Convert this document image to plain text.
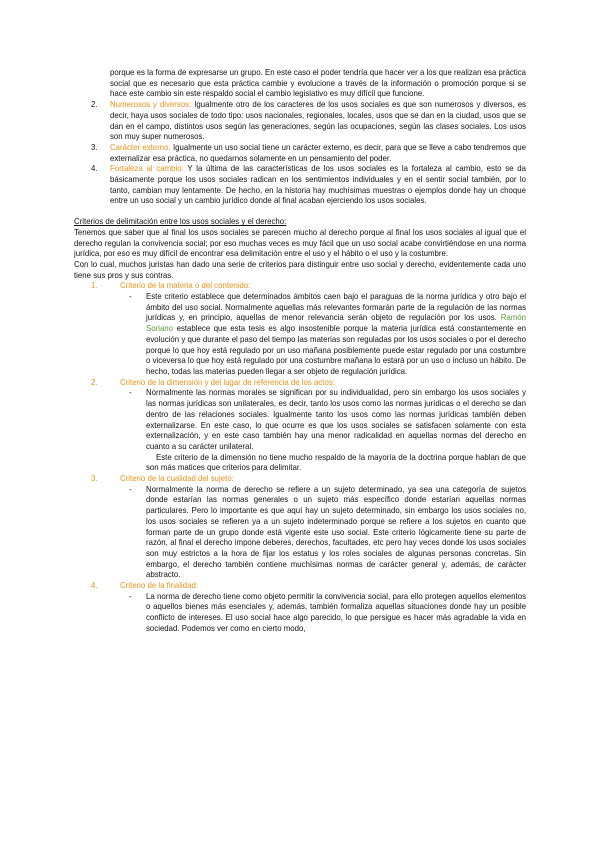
porque es la forma de expresarse un grupo. En este caso el poder tendría que hacer ver a los que realizan esa práctica social que es necesario que esta práctica cambie y evolucione a través de la información o promoción porque si se hace este cambio sin este respaldo social el cambio legislativo es muy difícil que funcione.

2. Numerosos y diversos: Igualmente otro de los caracteres de los usos sociales es que son numerosos y diversos, es decir, haya usos sociales de todo tipo: usos nacionales, regionales, locales, usos que se dan en la ciudad, usos que se dan en el campo, distintos usos según las generaciones, según las ocupaciones, según las clases sociales. Los usos son muy super numerosos.

3. Carácter externo: Igualmente un uso social tiene un carácter externo, es decir, para que se lleve a cabo tendremos que externalizar esa práctica, no quedarnos solamente en un pensamiento del poder.

4. Fortaleza al cambio: Y la última de las características de los usos sociales es la fortaleza al cambio, esto se da básicamente porque los usos sociales radican en los sentimientos individuales y en el sentir social también, por lo tanto, cambian muy lentamente. De hecho, en la historia hay muchísimas muestras o ejemplos donde hay un choque entre un uso social y un cambio jurídico donde al final acaban ejerciendo los usos sociales.

Criterios de delimitación entre los usos sociales y el derecho:

Tenemos que saber que al final los usos sociales se parecen mucho al derecho porque al final los usos sociales al igual que el derecho regulan la convivencia social; por eso muchas veces es muy fácil que un uso social acabe convirtiéndose en una norma jurídica, por eso es muy difícil de encontrar esa delimitación entre el uso y el hábito o el uso y la costumbre.

Con lo cual, muchos juristas han dado una serie de criterios para distinguir entre uso social y derecho, evidentemente cada uno tiene sus pros y sus contras.

1.	Criterio de la materia o del contenido:

- Este criterio establece que determinados ámbitos caen bajo el paraguas de la norma jurídica y otro bajo el ámbito del uso social. Normalmente aquellas más relevantes formarán parte de la regulación de las normas jurídicas y, en principio, aquellas de menor relevancia serán objeto de regulación por los usos. Ramón Soriano establece que esta tesis es algo insostenible porque la materia jurídica está constantemente en evolución y que durante el paso del tiempo las materias son reguladas por los usos sociales o por el derecho porque lo que hoy está regulado por un uso mañana posiblemente puede estar regulado por una costumbre o viceversa lo que hoy está regulado por una costumbre mañana lo estará por un uso o incluso un hábito. De hecho, todas las materias pueden llegar a ser objeto de regulación jurídica.

2.	Criterio de la dimensión y del lugar de referencia de los actos:

- Normalmente las normas morales se significan por su individualidad, pero sin embargo los usos sociales y las normas jurídicas son unilaterales, es decir, tanto los usos como las normas jurídicas o el derecho se dan dentro de las relaciones sociales. Igualmente tanto los usos como las normas jurídicas también deben externalizarse. En este caso, lo que ocurre es que los usos sociales se satisfacen solamente con esta externalización, y en este caso también hay una menor radicalidad en aquellas normas del derecho en cuanto a su carácter unilateral.

Este criterio de la dimensión no tiene mucho respaldo de la mayoría de la doctrina porque hablan de que son más matices que criterios para delimitar.

3.	Criterio de la cualidad del sujeto:

- Normalmente la norma de derecho se refiere a un sujeto determinado, ya sea una categoría de sujetos donde estarían las normas generales o un sujeto más específico donde estarían aquellas normas particulares. Pero lo importante es que aquí hay un sujeto determinado, sin embargo los usos sociales no, los usos sociales se refieren ya a un sujeto indeterminado porque se refiere a los sujetos en cuanto que forman parte de un grupo donde está vigente este uso social. Este criterio lógicamente tiene su parte de razón, al final el derecho impone deberes, derechos, facultades, etc pero hay veces donde los usos sociales son muy estrictos a la hora de fijar los estatus y los roles sociales de algunas personas concretas. Sin embargo, el derecho también contiene muchísimas normas de carácter general y, además, de carácter abstracto.

4.	Criterio de la finalidad:

- La norma de derecho tiene como objeto permitir la convivencia social, para ello protegen aquellos elementos o aquellos bienes más esenciales y, además, también formaliza aquellas situaciones donde hay un posible conflicto de intereses. El uso social hace algo parecido, lo que persigue es hacer más agradable la vida en sociedad. Podemos ver como en cierto modo,
